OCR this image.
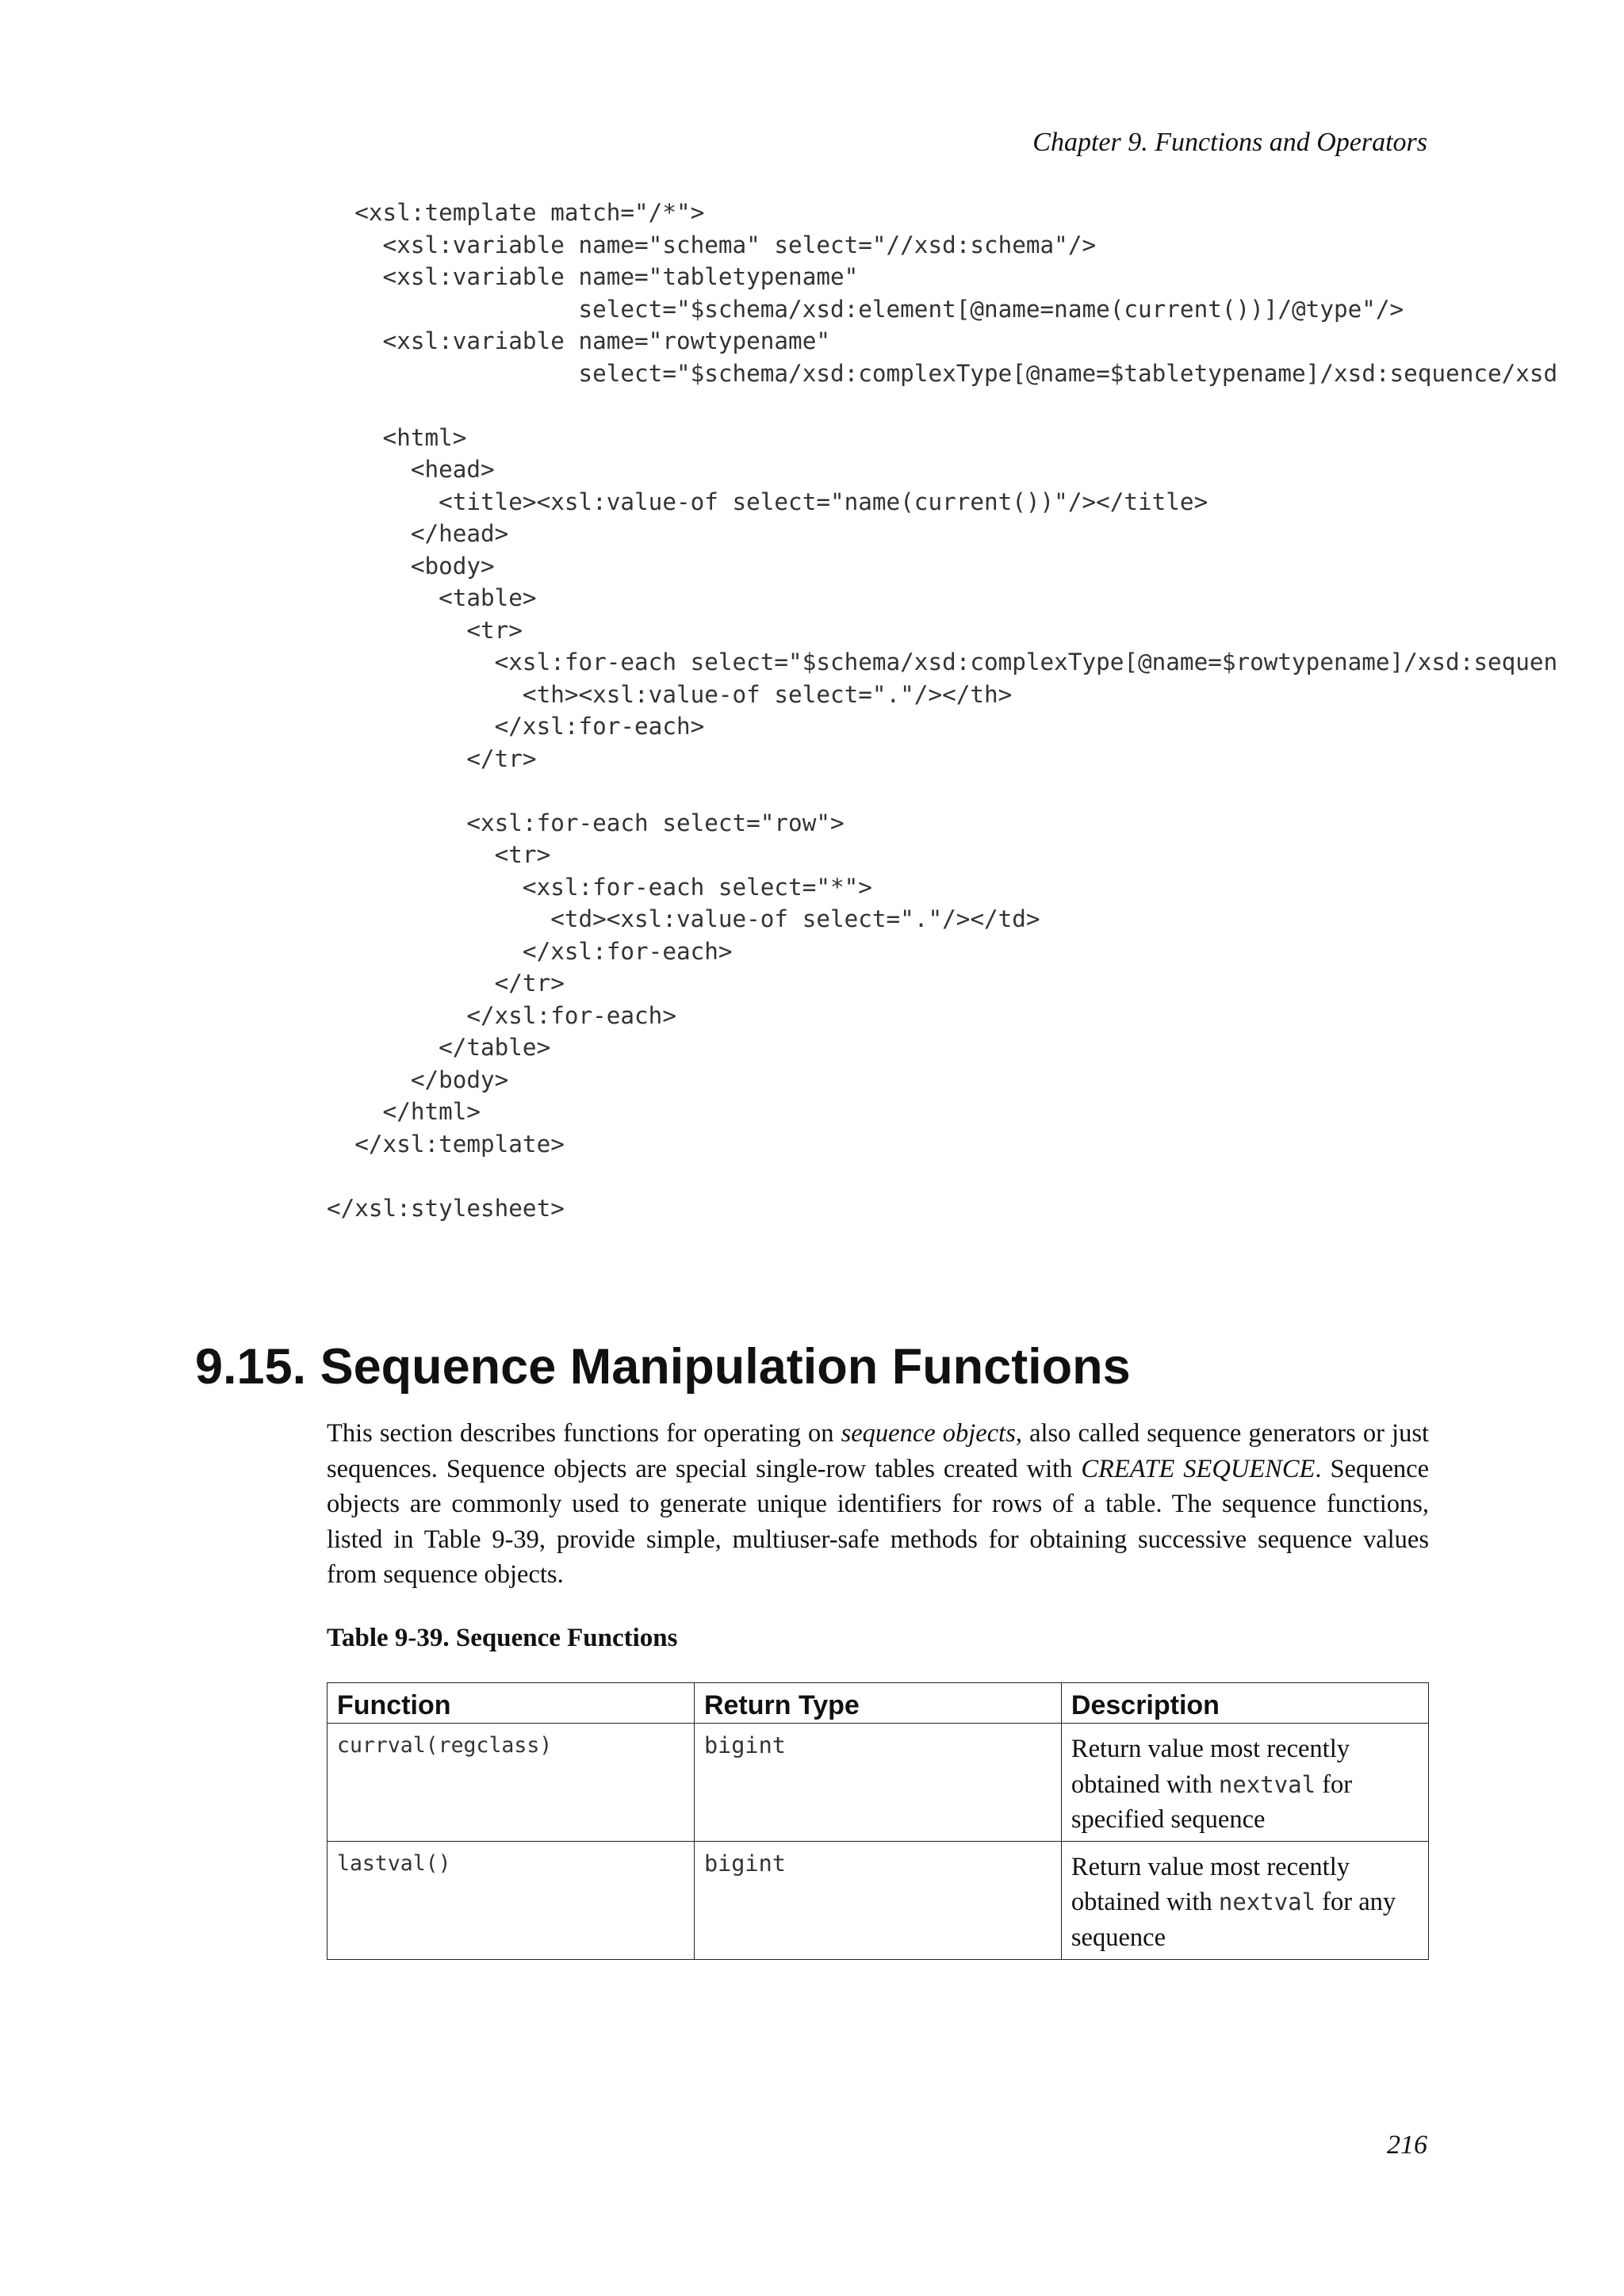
Chapter 9. Functions and Operators
<xsl:template match="/*">
<xsl:variable name="schema" select="//xsd:schema"/>
<xsl:variable name="tabletypename"
select="$schema/xsd:element[@name=name(current())]/@type"/>
<xsl:variable name="rowtypename"
select="$schema/xsd:complexType[@name=$tabletypename]/xsd:sequence/xsd
<html>
<head>
<title><xsl:value-of select="name(current())"/></title>
</head>
<body>
<table>
<tr>
<xsl:for-each select="$schema/xsd:complexType[@name=$rowtypename]/xsd:sequen
<th><xsl:value-of select="."/></th>
</xsl:for-each>
</tr>
<xsl:for-each select="row">
<tr>
<xsl:for-each select="*">
<td><xsl:value-of select="."/></td>
</xsl:for-each>
</tr>
</xsl:for-each>
</table>
</body>
</html>
</xsl:template>
</xsl:stylesheet>
9.15. Sequence Manipulation Functions

This section describes functions for operating on sequence objects, also called sequence generators or just sequences. Sequence objects are special single-row tables created with CREATE SEQUENCE. Sequence objects are commonly used to generate unique identifiers for rows of a table. The sequence functions, listed in Table 9-39, provide simple, multiuser-safe methods for obtaining successive sequence values from sequence objects.

Table 9-39. Sequence Functions

Function	Return Type	Description
currval(regclass)	bigint	Return value most recently obtained with nextval for specified sequence
lastval()	bigint	Return value most recently obtained with nextval for any sequence
216
